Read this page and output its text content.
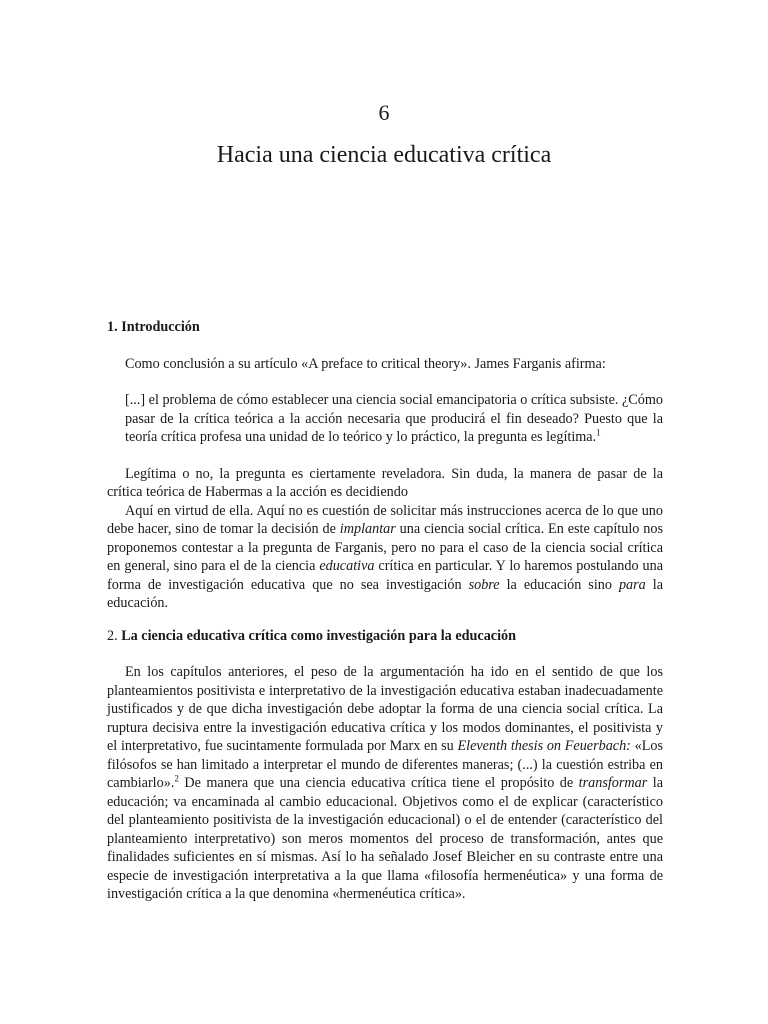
6
Hacia una ciencia educativa crítica

1. Introducción

Como conclusión a su artículo «A preface to critical theory». James Farganis afirma:

[...] el problema de cómo establecer una ciencia social emancipatoria o crítica subsiste. ¿Cómo pasar de la crítica teórica a la acción necesaria que producirá el fin deseado? Puesto que la teoría crítica profesa una unidad de lo teórico y lo práctico, la pregunta es legítima.$^1$

Legítima o no, la pregunta es ciertamente reveladora. Sin duda, la manera de pasar de la crítica teórica de Habermas a la acción es decidiendo

Aquí en virtud de ella. Aquí no es cuestión de solicitar más instrucciones acerca de lo que uno debe hacer, sino de tomar la decisión de implantar una ciencia social crítica. En este capítulo nos proponemos contestar a la pregunta de Farganis, pero no para el caso de la ciencia social crítica en general, sino para el de la ciencia educativa crítica en particular. Y lo haremos postulando una forma de investigación educativa que no sea investigación sobre la educación sino para la educación.

2. La ciencia educativa crítica como investigación para la educación

En los capítulos anteriores, el peso de la argumentación ha ido en el sentido de que los planteamientos positivista e interpretativo de la investigación educativa estaban inadecuadamente justificados y de que dicha investigación debe adoptar la forma de una ciencia social crítica. La ruptura decisiva entre la investigación educativa crítica y los modos dominantes, el positivista y el interpretativo, fue sucintamente formulada por Marx en su Eleventh thesis on Feuerbach: «Los filósofos se han limitado a interpretar el mundo de diferentes maneras; (...) la cuestión estriba en cambiarlo».$^2$ De manera que una ciencia educativa crítica tiene el propósito de transformar la educación; va encaminada al cambio educacional. Objetivos como el de explicar (característico del planteamiento positivista de la investigación educacional) o el de entender (característico del planteamiento interpretativo) son meros momentos del proceso de transformación, antes que finalidades suficientes en sí mismas. Así lo ha señalado Josef Bleicher en su contraste entre una especie de investigación interpretativa a la que llama «filosofía hermenéutica» y una forma de investigación crítica a la que denomina «hermenéutica crítica».
